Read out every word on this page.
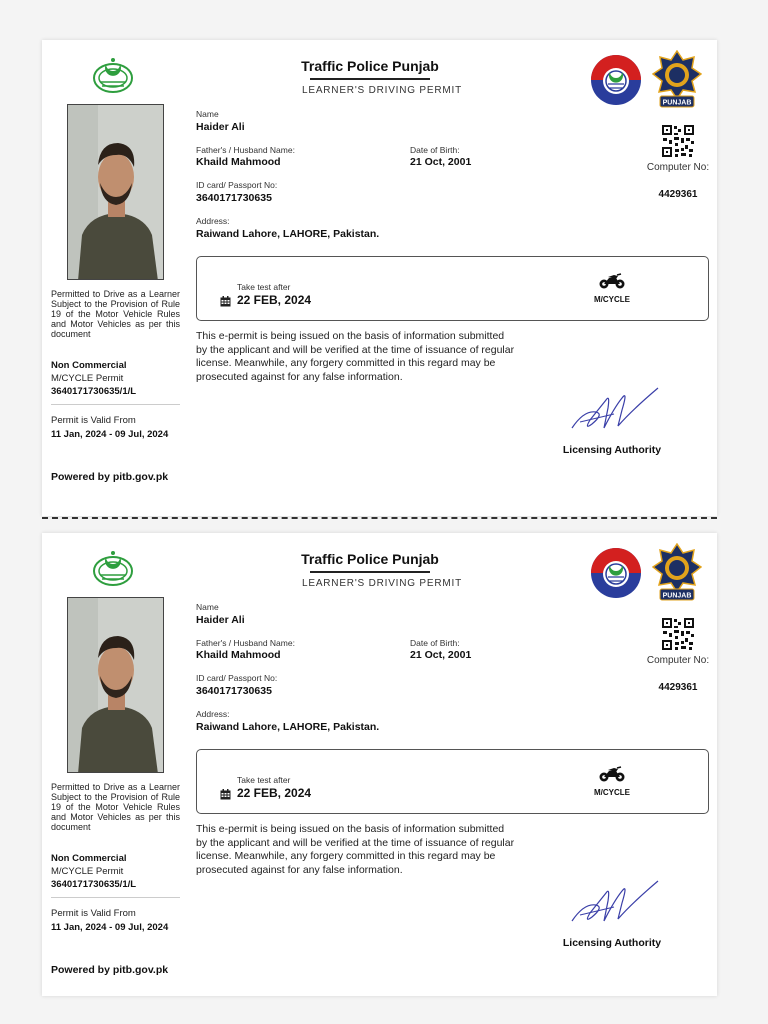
Permitted to Drive as a Learner Subject to the Provision of Rule 19 of the Motor Vehicle Rules and Motor Vehicles as per this document
Non Commercial
M/CYCLE Permit
3640171730635/1/L
Permit is Valid From
11 Jan, 2024 - 09 Jul, 2024
Powered by pitb.gov.pk
Traffic Police Punjab
LEARNER'S DRIVING PERMIT
PUNJAB
Name
Haider Ali
Father's / Husband Name:
Khaild Mahmood
Date of Birth:
21 Oct, 2001
ID card/ Passport No:
3640171730635
Address:
Raiwand Lahore, LAHORE, Pakistan.
Computer No:
4429361
Take test after
22 FEB, 2024	M/CYCLE
This e-permit is being issued on the basis of information submitted by the applicant and will be verified at the time of issuance of regular license. Meanwhile, any forgery committed in this regard may be prosecuted against for any false information.
Licensing Authority
Permitted to Drive as a Learner Subject to the Provision of Rule 19 of the Motor Vehicle Rules and Motor Vehicles as per this document
Non Commercial
M/CYCLE Permit
3640171730635/1/L
Permit is Valid From
11 Jan, 2024 - 09 Jul, 2024
Powered by pitb.gov.pk
Traffic Police Punjab
LEARNER'S DRIVING PERMIT
PUNJAB
Name
Haider Ali
Father's / Husband Name:
Khaild Mahmood
Date of Birth:
21 Oct, 2001
ID card/ Passport No:
3640171730635
Address:
Raiwand Lahore, LAHORE, Pakistan.
Computer No:
4429361
Take test after
22 FEB, 2024	M/CYCLE
This e-permit is being issued on the basis of information submitted by the applicant and will be verified at the time of issuance of regular license. Meanwhile, any forgery committed in this regard may be prosecuted against for any false information.
Licensing Authority
